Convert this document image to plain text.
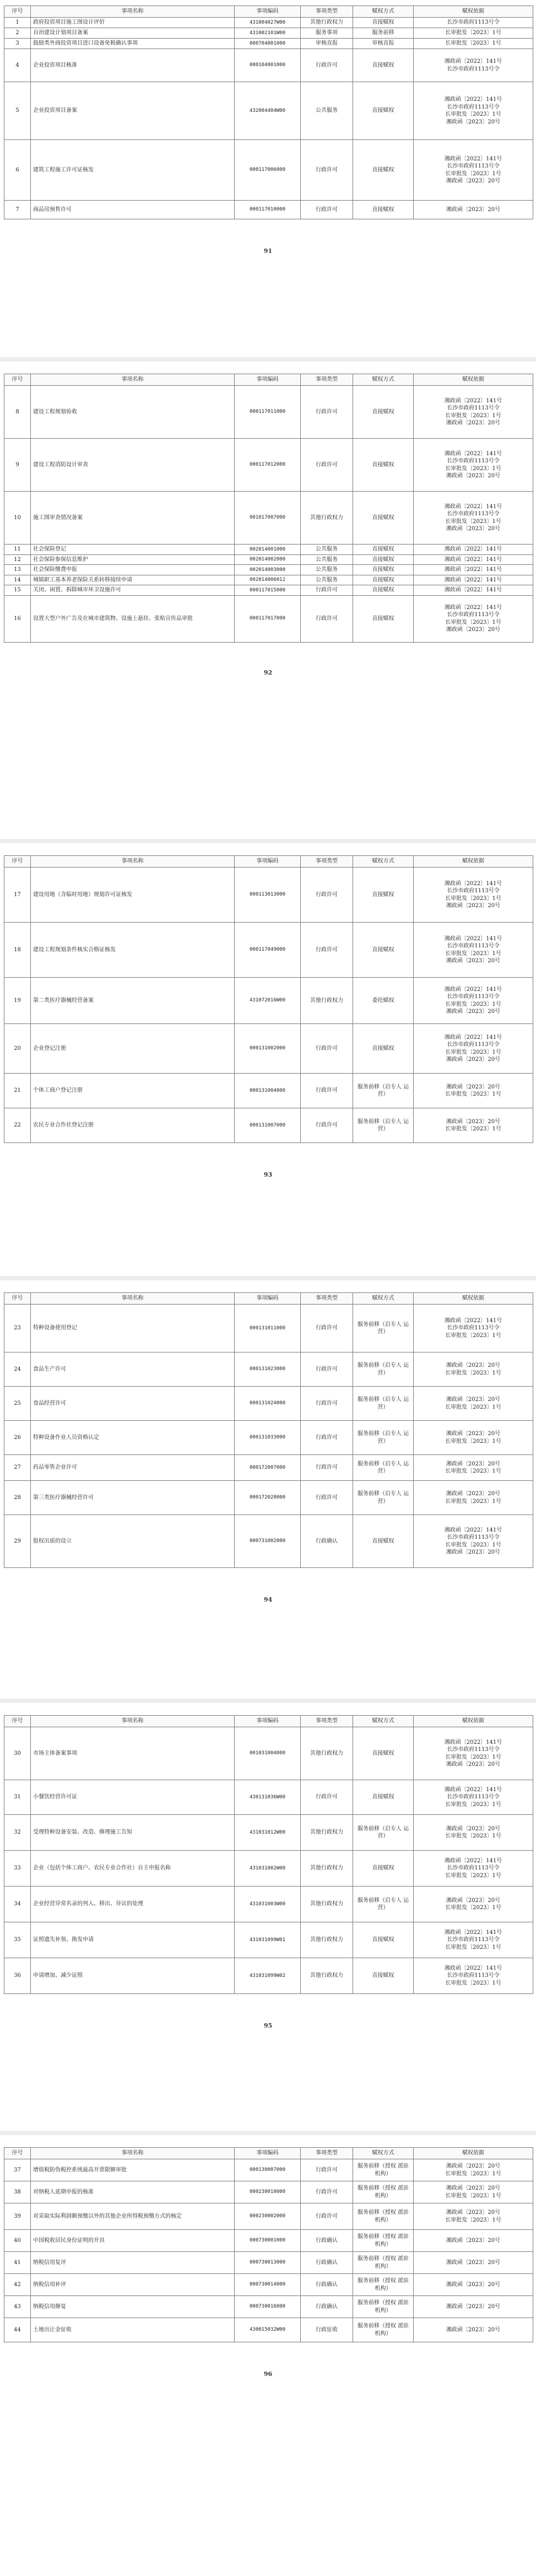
序号	事项名称	事项编码	事项类型	赋权方式	赋权依据
1	政府投资项目施工图设计评价	431004027W00	其他行政权力	直接赋权	长沙市政府1113号令

2	自治建设计划项目备案	431002101W00	服务事项	服务前移	长审批发〔2023〕1号

3	鼓励类外商投资项目进口设备免税确认事项	000704001000	审核直报	审核直报	长审批发〔2023〕1号

4	企业投资项目核准	000104001000	行政许可	直接赋权	湘政函〔2022〕141号
长沙市政府1113号令

5	企业投资项目备案	432004404W00	公共服务	直接赋权	湘政函〔2022〕141号
长沙市政府1113号令
长审批发〔2023〕1号
湘政函〔2023〕20号

6	建筑工程施工许可证核发	000117006000	行政许可	直接赋权	湘政函〔2022〕141号
长沙市政府1113号令
长审批发〔2023〕1号
湘政函〔2023〕20号

7	商品房预售许可	000117010000	行政许可	直接赋权	湘政函〔2023〕20号
91
序号	事项名称	事项编码	事项类型	赋权方式	赋权依据
8	建设工程规划验收	000117011000	行政许可	直接赋权	湘政函〔2022〕141号
长沙市政府1113号令
长审批发〔2023〕1号
湘政函〔2023〕20号

9	建设工程消防设计审查	000117012000	行政许可	直接赋权	湘政函〔2022〕141号
长沙市政府1113号令
长审批发〔2023〕1号
湘政函〔2023〕20号

10	施工图审查情况备案	001017007000	其他行政权力	直接赋权	湘政函〔2022〕141号
长沙市政府1113号令
长审批发〔2023〕1号
湘政函〔2023〕20号

11	社会保险登记	002014001000	公共服务	直接赋权	湘政函〔2022〕141号

12	社会保险参保信息维护	002014002000	公共服务	直接赋权	湘政函〔2022〕141号

13	社会保险缴费申报	002014003000	公共服务	直接赋权	湘政函〔2022〕141号

14	城镇职工基本养老保险关系转移接续申请	002014006012	公共服务	直接赋权	湘政函〔2022〕141号

15	关闭、闲置、拆除城市环卫设施许可	000117015000	行政许可	直接赋权	湘政函〔2022〕141号

16	设置大型户外广告及在城市建筑物、设施上悬挂、张贴宣传品审批	000117017000	行政许可	直接赋权	湘政函〔2022〕141号
长沙市政府1113号令
长审批发〔2023〕1号
湘政函〔2023〕20号
92
序号	事项名称	事项编码	事项类型	赋权方式	赋权依据
17	建设用地（含临时用地）规划许可证核发	000113013000	行政许可	直接赋权	湘政函〔2022〕141号
长沙市政府1113号令
长审批发〔2023〕1号
湘政函〔2023〕20号

18	建设工程规划条件核实合格证核发	000117049000	行政许可	直接赋权	湘政函〔2022〕141号
长沙市政府1113号令
长审批发〔2023〕1号
湘政函〔2023〕20号

19	第二类医疗器械经营备案	431072016W00	其他行政权力	委托赋权	湘政函〔2022〕141号
长沙市政府1113号令
长审批发〔2023〕1号
湘政函〔2023〕20号

20	企业登记注册	000131002000	行政许可	直接赋权	湘政函〔2022〕141号
长沙市政府1113号令
长审批发〔2023〕1号
湘政函〔2023〕20号

21	个体工商户登记注册	000131004000	行政许可	服务前移（启专人 运营）	湘政函〔2023〕20号
长审批发〔2023〕1号

22	农民专业合作社登记注册	000131007000	行政许可	服务前移（启专人 运营）	湘政函〔2023〕20号
长审批发〔2023〕1号
93
序号	事项名称	事项编码	事项类型	赋权方式	赋权依据
23	特种设备使用登记	000131011000	行政许可	服务前移（启专人 运营）	湘政函〔2022〕141号
长沙市政府1113号令
长审批发〔2023〕1号

24	食品生产许可	000131023000	行政许可	服务前移（启专人 运营）	湘政函〔2023〕20号
长审批发〔2023〕1号

25	食品经营许可	000131024000	行政许可	服务前移（启专人 运营）	湘政函〔2023〕20号
长审批发〔2023〕1号

26	特种设备作业人员资格认定	000131033000	行政许可	服务前移（启专人 运营）	湘政函〔2023〕20号
长审批发〔2023〕1号

27	药品零售企业许可	000172007000	行政许可	服务前移（启专人 运营）	湘政函〔2023〕20号
长审批发〔2023〕1号

28	第三类医疗器械经营许可	000172028000	行政许可	服务前移（启专人 运营）	湘政函〔2023〕20号
长审批发〔2023〕1号

29	股权出质的设立	000731002000	行政确认	直接赋权	湘政函〔2022〕141号
长沙市政府1113号令
长审批发〔2023〕1号
湘政函〔2023〕20号
94
序号	事项名称	事项编码	事项类型	赋权方式	赋权依据
30	市场主体备案事项	001031004000	其他行政权力	直接赋权	湘政函〔2022〕141号
长沙市政府1113号令
长审批发〔2023〕1号
湘政函〔2023〕20号

31	小餐饮经营许可证	430131036W00	行政许可	直接赋权	湘政函〔2022〕141号
长沙市政府1113号令
长审批发〔2023〕1号

32	受理特种设备安装、改造、修理施工告知	431031012W00	其他行政权力	服务前移（启专人 运营）	湘政函〔2023〕20号
长审批发〔2023〕1号

33	企业（包括个体工商户、农民专业合作社）自主申报名称	431031002W00	其他行政权力	直接赋权	湘政函〔2022〕141号
长沙市政府1113号令
长审批发〔2023〕1号

34	企业经营异常名录的列入、移出、异议的处理	431031003W00	其他行政权力	服务前移（启专人 运营）	湘政函〔2023〕20号
长审批发〔2023〕1号

35	证照遗失补领、换发申请	431031099W01	其他行政权力	直接赋权	湘政函〔2022〕141号
长沙市政府1113号令
长审批发〔2023〕1号

36	申请增加、减少证照	431031099W02	其他行政权力	直接赋权	湘政函〔2022〕141号
长沙市政府1113号令
长审批发〔2023〕1号
95
序号	事项名称	事项编码	事项类型	赋权方式	赋权依据
37	增值税防伪税控系统最高开票限额审批	000130007000	行政许可	服务前移（授权 派驻机构）	湘政函〔2023〕20号
长审批发〔2023〕1号

38	对纳税人延期申报的核准	000230010000	行政许可	服务前移（授权 派驻机构）	湘政函〔2023〕20号
长审批发〔2023〕1号

39	对采取实际利润额预缴以外的其他企业所得税预缴方式的核定	000230002000	行政许可	服务前移（授权 派驻机构）	湘政函〔2023〕20号
长审批发〔2023〕1号

40	中国税收居民身份证明的开具	000730001000	行政确认	服务前移（授权 派驻机构）	湘政函〔2023〕20号

41	纳税信用复评	000730013000	行政确认	服务前移（授权 派驻机构）	湘政函〔2023〕20号

42	纳税信用补评	000730014000	行政确认	服务前移（授权 派驻机构）	湘政函〔2023〕20号

43	纳税信用修复	000730016000	行政确认	服务前移（授权 派驻机构）	湘政函〔2023〕20号

44	土地出让金征收	430015032W00	行政征收	服务前移（授权 派驻机构）	湘政函〔2023〕20号
96
